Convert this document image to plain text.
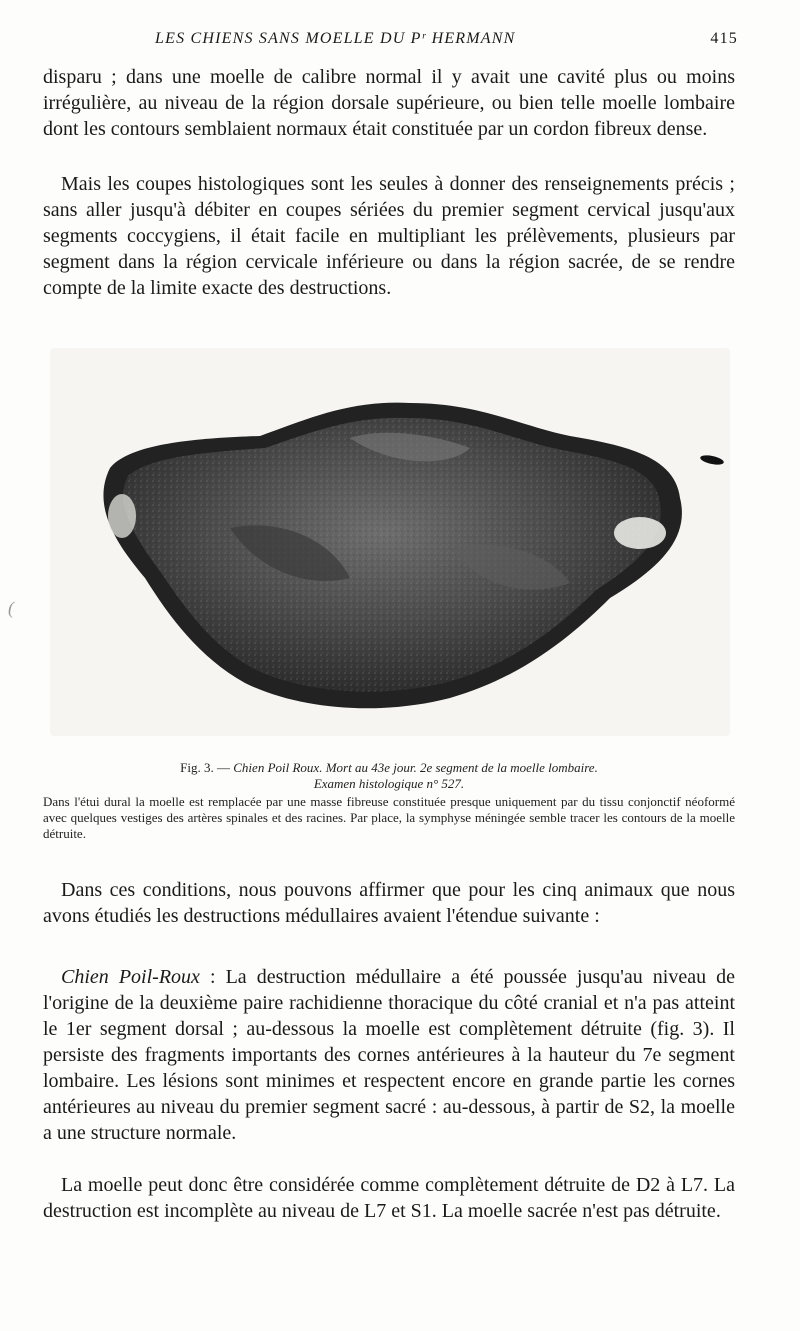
LES CHIENS SANS MOELLE DU Pʳ HERMANN	415

disparu ; dans une moelle de calibre normal il y avait une cavité plus ou moins irrégulière, au niveau de la région dorsale supérieure, ou bien telle moelle lombaire dont les contours semblaient normaux était constituée par un cordon fibreux dense.

Mais les coupes histologiques sont les seules à donner des renseignements précis ; sans aller jusqu'à débiter en coupes sériées du premier segment cervical jusqu'aux segments coccygiens, il était facile en multipliant les prélèvements, plusieurs par segment dans la région cervicale inférieure ou dans la région sacrée, de se rendre compte de la limite exacte des destructions.

Fig. 3. — Chien Poil Roux. Mort au 43e jour. 2e segment de la moelle lombaire.

Examen histologique n° 527.

Dans l'étui dural la moelle est remplacée par une masse fibreuse constituée presque uniquement par du tissu conjonctif néoformé avec quelques vestiges des artères spinales et des racines. Par place, la symphyse méningée semble tracer les contours de la moelle détruite.

(

Dans ces conditions, nous pouvons affirmer que pour les cinq animaux que nous avons étudiés les destructions médullaires avaient l'étendue suivante :

Chien Poil-Roux : La destruction médullaire a été poussée jusqu'au niveau de l'origine de la deuxième paire rachidienne thoracique du côté cranial et n'a pas atteint le 1er segment dorsal ; au-dessous la moelle est complètement détruite (fig. 3). Il persiste des fragments importants des cornes antérieures à la hauteur du 7e segment lombaire. Les lésions sont minimes et respectent encore en grande partie les cornes antérieures au niveau du premier segment sacré : au-dessous, à partir de S2, la moelle a une structure normale.

La moelle peut donc être considérée comme complètement détruite de D2 à L7. La destruction est incomplète au niveau de L7 et S1. La moelle sacrée n'est pas détruite.
